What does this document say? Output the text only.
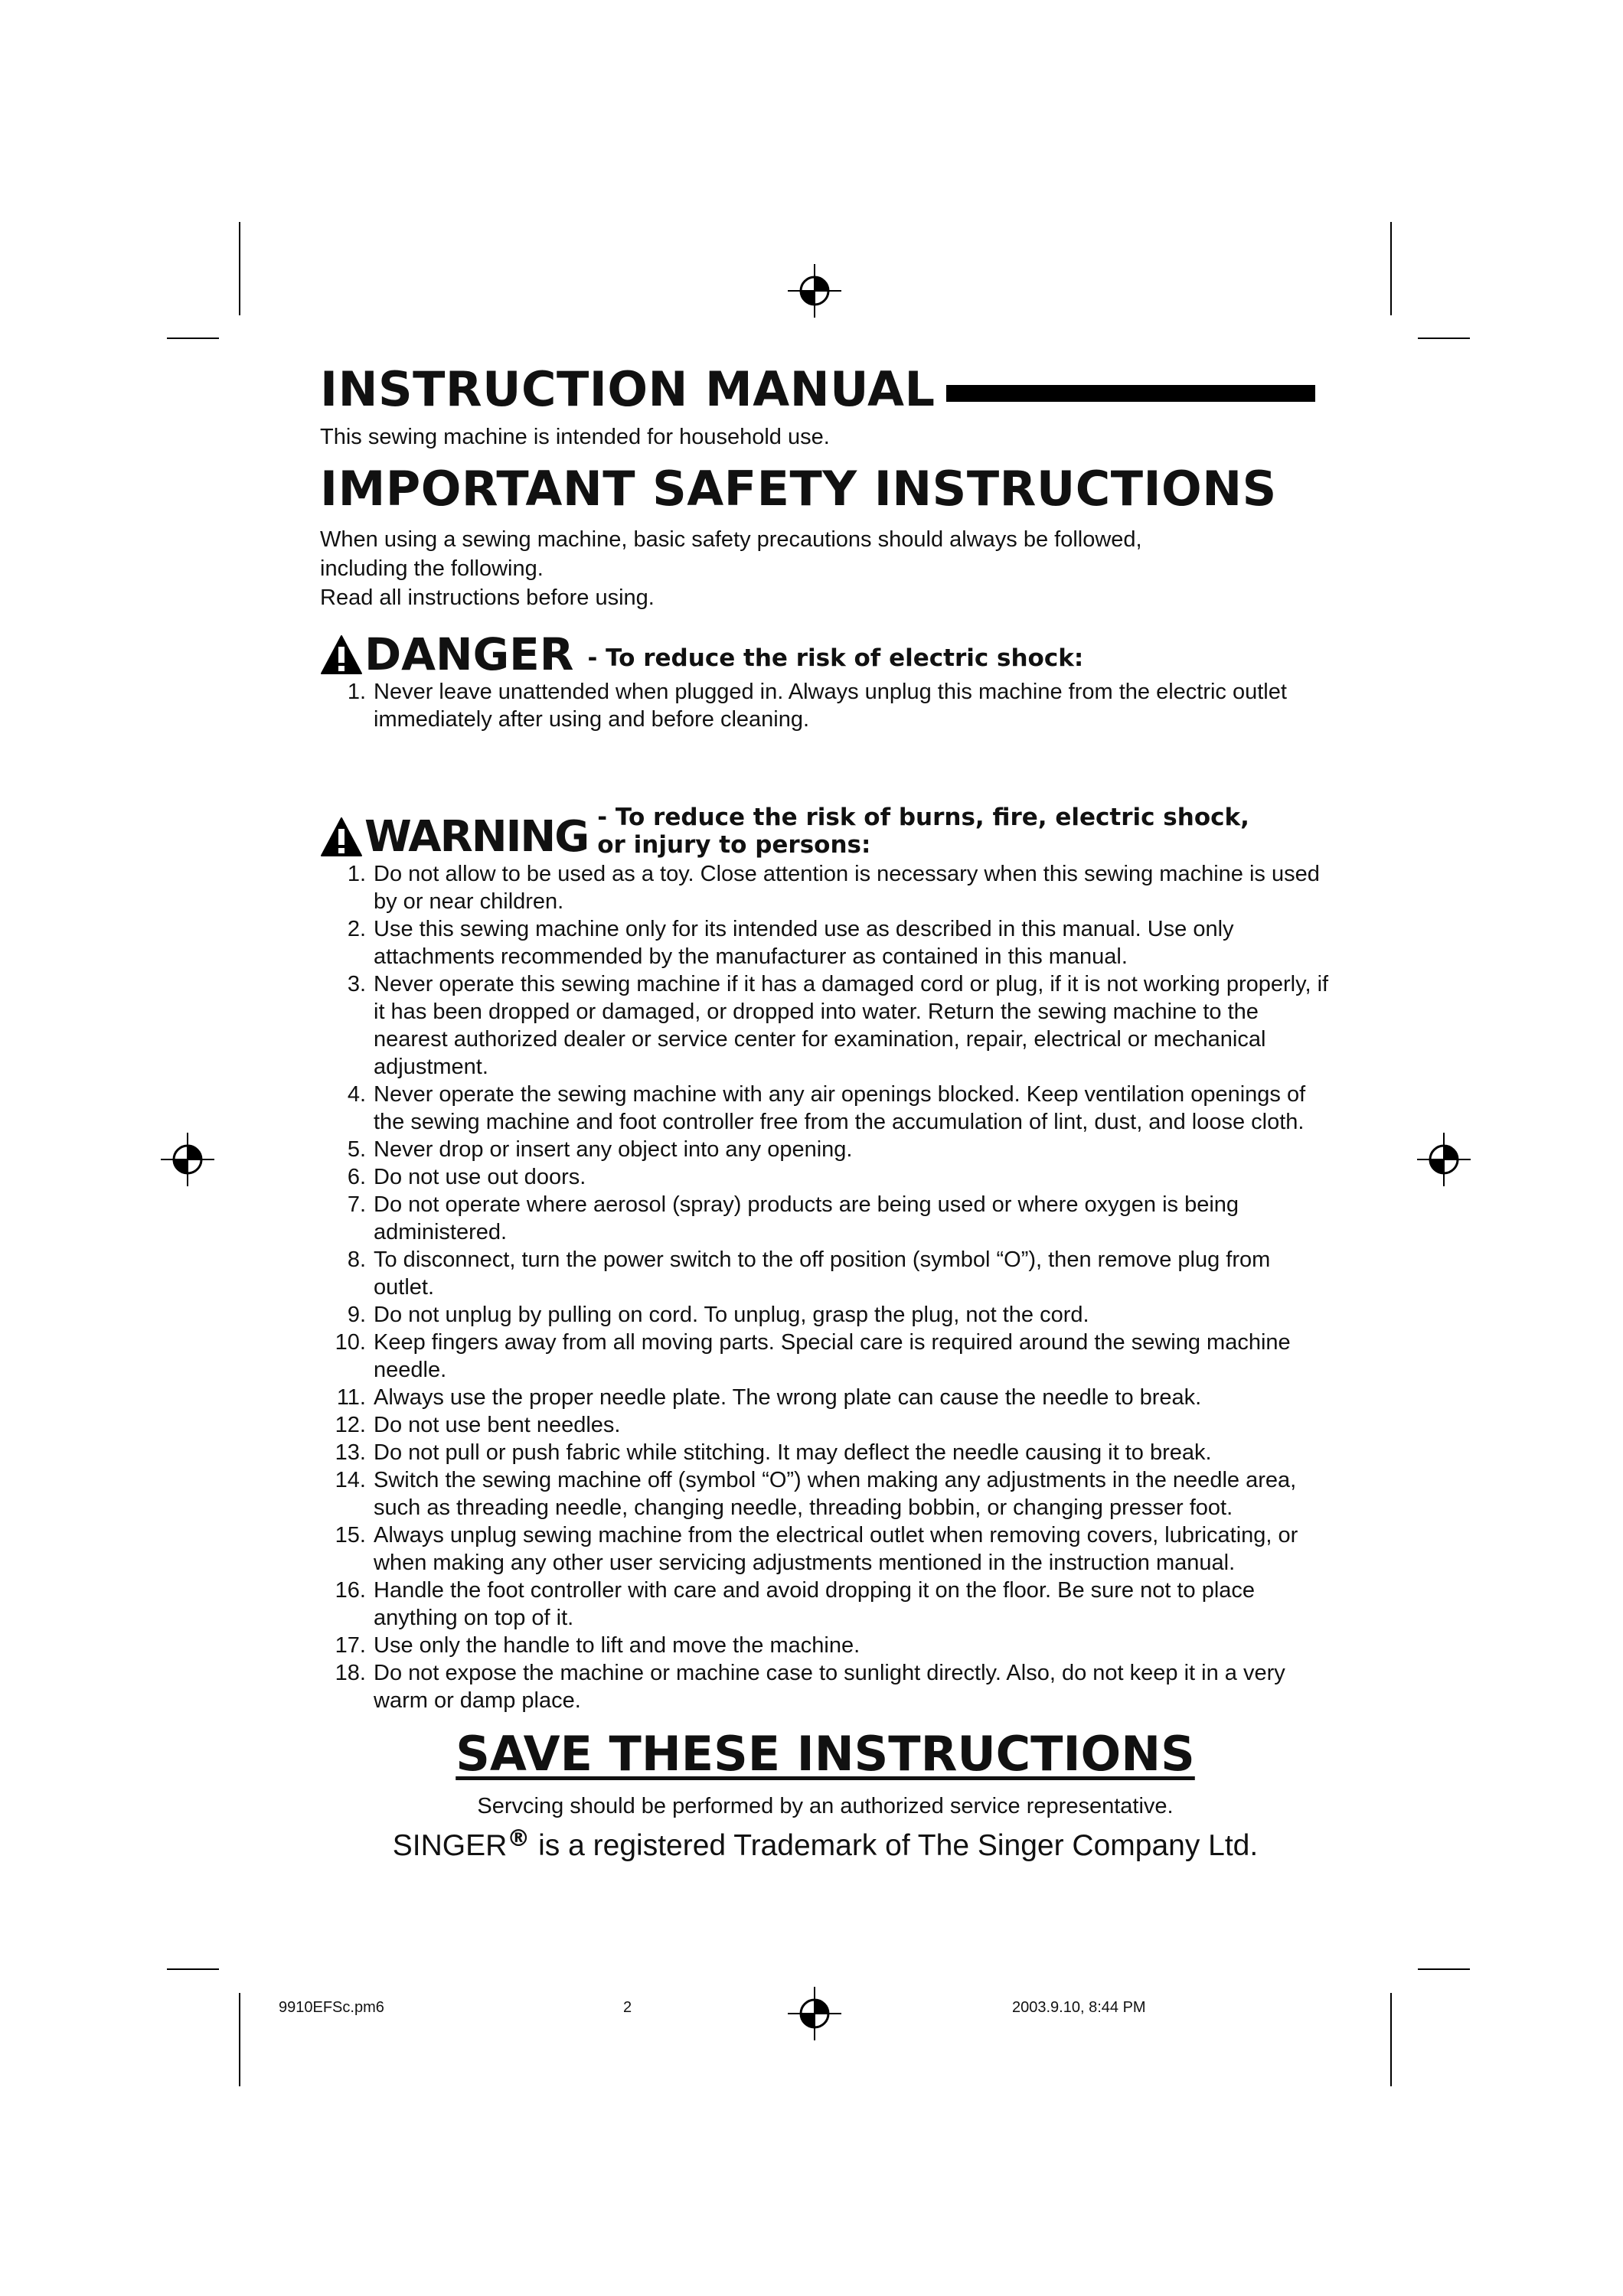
INSTRUCTION MANUAL

This sewing machine is intended for household use.

IMPORTANT SAFETY INSTRUCTIONS
When using a sewing machine, basic safety precautions should always be followed,
including the following.
Read all instructions before using.
DANGER - To reduce the risk of electric shock:
1. Never leave unattended when plugged in. Always unplug this machine from the electric outlet immediately after using and before cleaning.
WARNING - To reduce the risk of burns, fire, electric shock,
or injury to persons:
1. Do not allow to be used as a toy. Close attention is necessary when this sewing machine is used by or near children.
2. Use this sewing machine only for its intended use as described in this manual. Use only attachments recommended by the manufacturer as contained in this manual.
3. Never operate this sewing machine if it has a damaged cord or plug, if it is not working properly, if it has been dropped or damaged, or dropped into water. Return the sewing machine to the nearest authorized dealer or service center for examination, repair, electrical or mechanical adjustment.
4. Never operate the sewing machine with any air openings blocked. Keep ventilation openings of the sewing machine and foot controller free from the accumulation of lint, dust, and loose cloth.
5. Never drop or insert any object into any opening.
6. Do not use out doors.
7. Do not operate where aerosol (spray) products are being used or where oxygen is being administered.
8. To disconnect, turn the power switch to the off position (symbol “O”), then remove plug from outlet.
9. Do not unplug by pulling on cord. To unplug, grasp the plug, not the cord.
10. Keep fingers away from all moving parts. Special care is required around the sewing machine needle.
11. Always use the proper needle plate. The wrong plate can cause the needle to break.
12. Do not use bent needles.
13. Do not pull or push fabric while stitching. It may deflect the needle causing it to break.
14. Switch the sewing machine off (symbol “O”) when making any adjustments in the needle area, such as threading needle, changing needle, threading bobbin, or changing presser foot.
15. Always unplug sewing machine from the electrical outlet when removing covers, lubricating, or when making any other user servicing adjustments mentioned in the instruction manual.
16. Handle the foot controller with care and avoid dropping it on the floor. Be sure not to place anything on top of it.
17. Use only the handle to lift and move the machine.
18. Do not expose the machine or machine case to sunlight directly. Also, do not keep it in a very warm or damp place.
SAVE THESE INSTRUCTIONS
Servcing should be performed by an authorized service representative.
SINGER® is a registered Trademark of The Singer Company Ltd.
9910EFSc.pm6	2	2003.9.10, 8:44 PM
